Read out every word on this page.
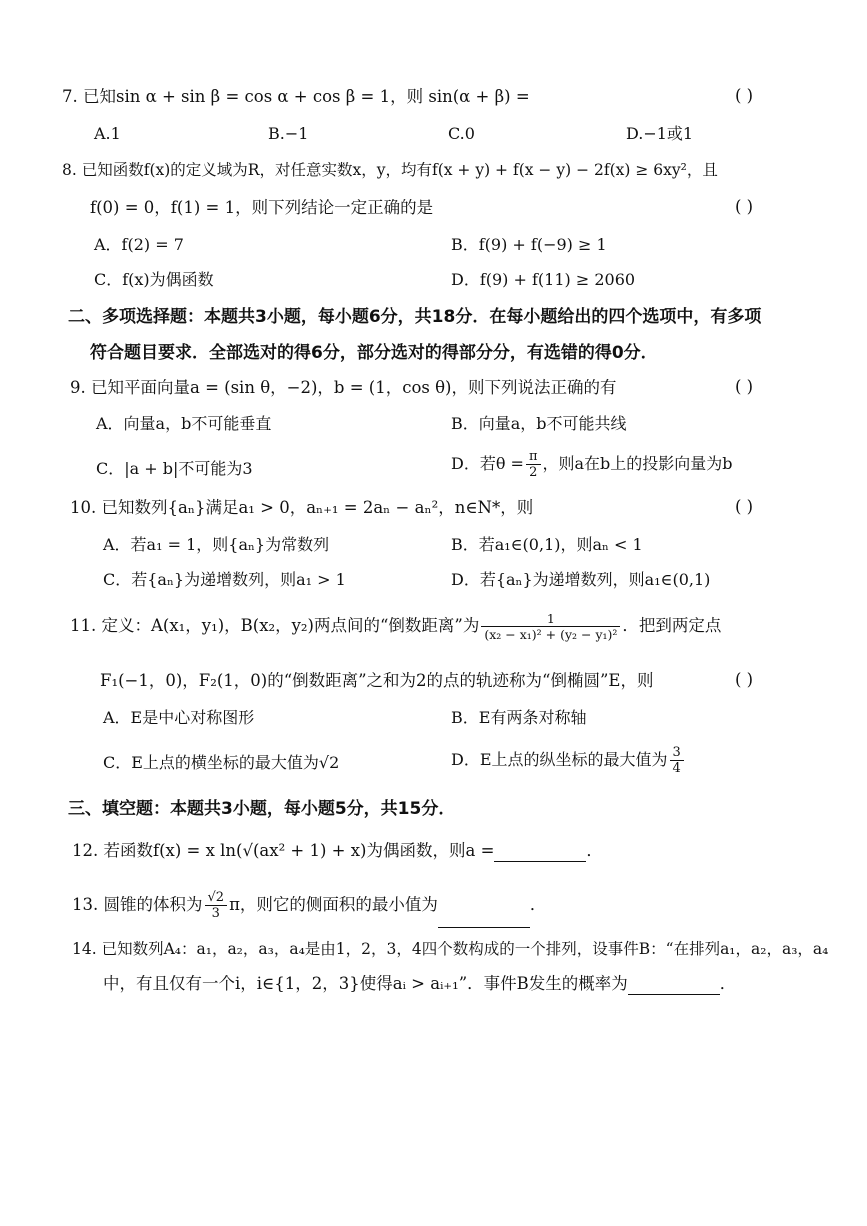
7. 已知sin α + sin β = cos α + cos β = 1，则 sin(α + β) =	( )
A.1	B.−1	C.0	D.−1或1
8. 已知函数f(x)的定义域为R，对任意实数x，y，均有f(x + y) + f(x − y) − 2f(x) ≥ 6xy²，且
f(0) = 0，f(1) = 1，则下列结论一定正确的是	( )
A．f(2) = 7	B．f(9) + f(−9) ≥ 1
C．f(x)为偶函数	D．f(9) + f(11) ≥ 2060
二、多项选择题：本题共3小题，每小题6分，共18分．在每小题给出的四个选项中，有多项
符合题目要求．全部选对的得6分，部分选对的得部分分，有选错的得0分．
9. 已知平面向量a = (sin θ，−2)，b = (1，cos θ)，则下列说法正确的有	( )
A．向量a，b不可能垂直	B．向量a，b不可能共线
C．|a + b|不可能为3	D．若$\theta = \frac{\pi}{2}$ ，则a在b上的投影向量为b
10. 已知数列{aₙ}满足a₁ > 0，aₙ₊₁ = 2aₙ − aₙ²，n∈N*，则	( )
A．若a₁ = 1，则{aₙ}为常数列	B．若a₁∈(0,1)，则aₙ < 1
C．若{aₙ}为递增数列，则a₁ > 1	D．若{aₙ}为递增数列，则a₁∈(0,1)
11. 定义：A(x₁，y₁)，B(x₂，y₂)两点间的“倒数距离”为 $\frac{1}{\text{(x₂ − x₁)² + (y₂ − y₁)²}}$ ．把到两定点
F₁(−1，0)，F₂(1，0)的“倒数距离”之和为2的点的轨迹称为“倒椭圆”E，则	( )
A．E是中心对称图形	B．E有两条对称轴
C．E上点的横坐标的最大值为√2	D．E上点的纵坐标的最大值为 $\frac{3}{4}$
三、填空题：本题共3小题，每小题5分，共15分．
12. 若函数f(x) = x ln(√(ax² + 1) + x)为偶函数，则a =	．
13. 圆锥的体积为 $\frac{√2}{3}$ π，则它的侧面积的最小值为	．
14. 已知数列A₄：a₁，a₂，a₃，a₄是由1，2，3，4四个数构成的一个排列，设事件B：“在排列a₁，a₂，a₃，a₄
中，有且仅有一个i，i∈{1，2，3}使得aᵢ > aᵢ₊₁”．事件B发生的概率为	．
